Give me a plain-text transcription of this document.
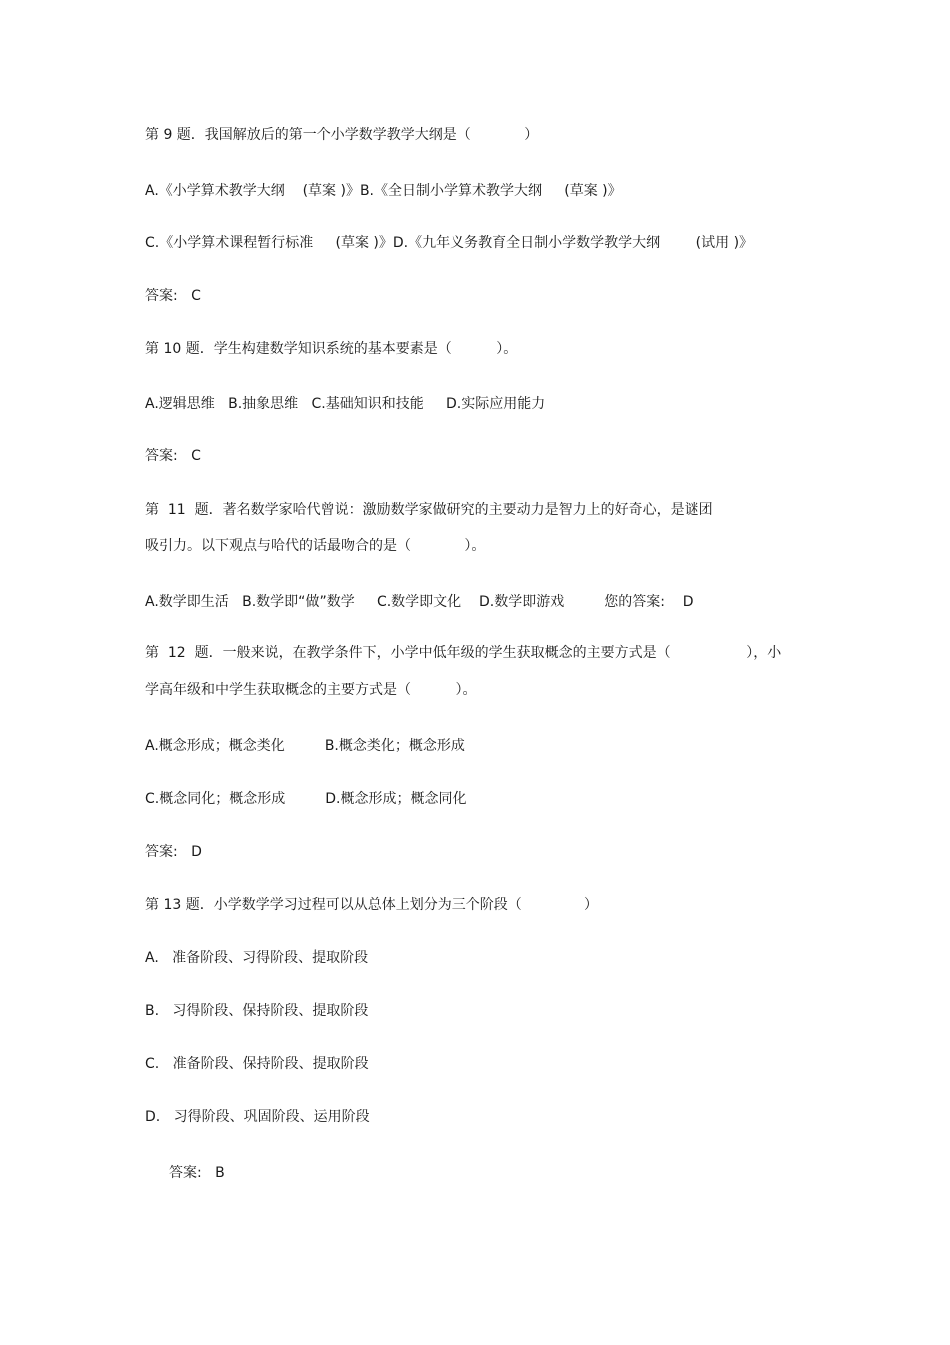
第 9 题．我国解放后的第一个小学数学教学大纲是（            ）
A.《小学算术教学大纲    (草案 )》B.《全日制小学算术教学大纲     (草案 )》
C.《小学算术课程暂行标准     (草案 )》D.《九年义务教育全日制小学数学教学大纲        (试用 )》
答案:   C
第 10 题．学生构建数学知识系统的基本要素是（          ）。
A.逻辑思维   B.抽象思维   C.基础知识和技能     D.实际应用能力
答案:   C
第  11  题．著名数学家哈代曾说：激励数学家做研究的主要动力是智力上的好奇心，是谜团
吸引力。以下观点与哈代的话最吻合的是（            ）。
A.数学即生活   B.数学即“做”数学     C.数学即文化    D.数学即游戏         您的答案:    D
第  12  题．一般来说，在教学条件下，小学中低年级的学生获取概念的主要方式是（                 ），小
学高年级和中学生获取概念的主要方式是（          ）。
A.概念形成；概念类化         B.概念类化；概念形成
C.概念同化；概念形成         D.概念形成；概念同化
答案:   D
第 13 题．小学数学学习过程可以从总体上划分为三个阶段（              ）
A.   准备阶段、习得阶段、提取阶段
B.   习得阶段、保持阶段、提取阶段
C.   准备阶段、保持阶段、提取阶段
D.   习得阶段、巩固阶段、运用阶段
答案:   B
